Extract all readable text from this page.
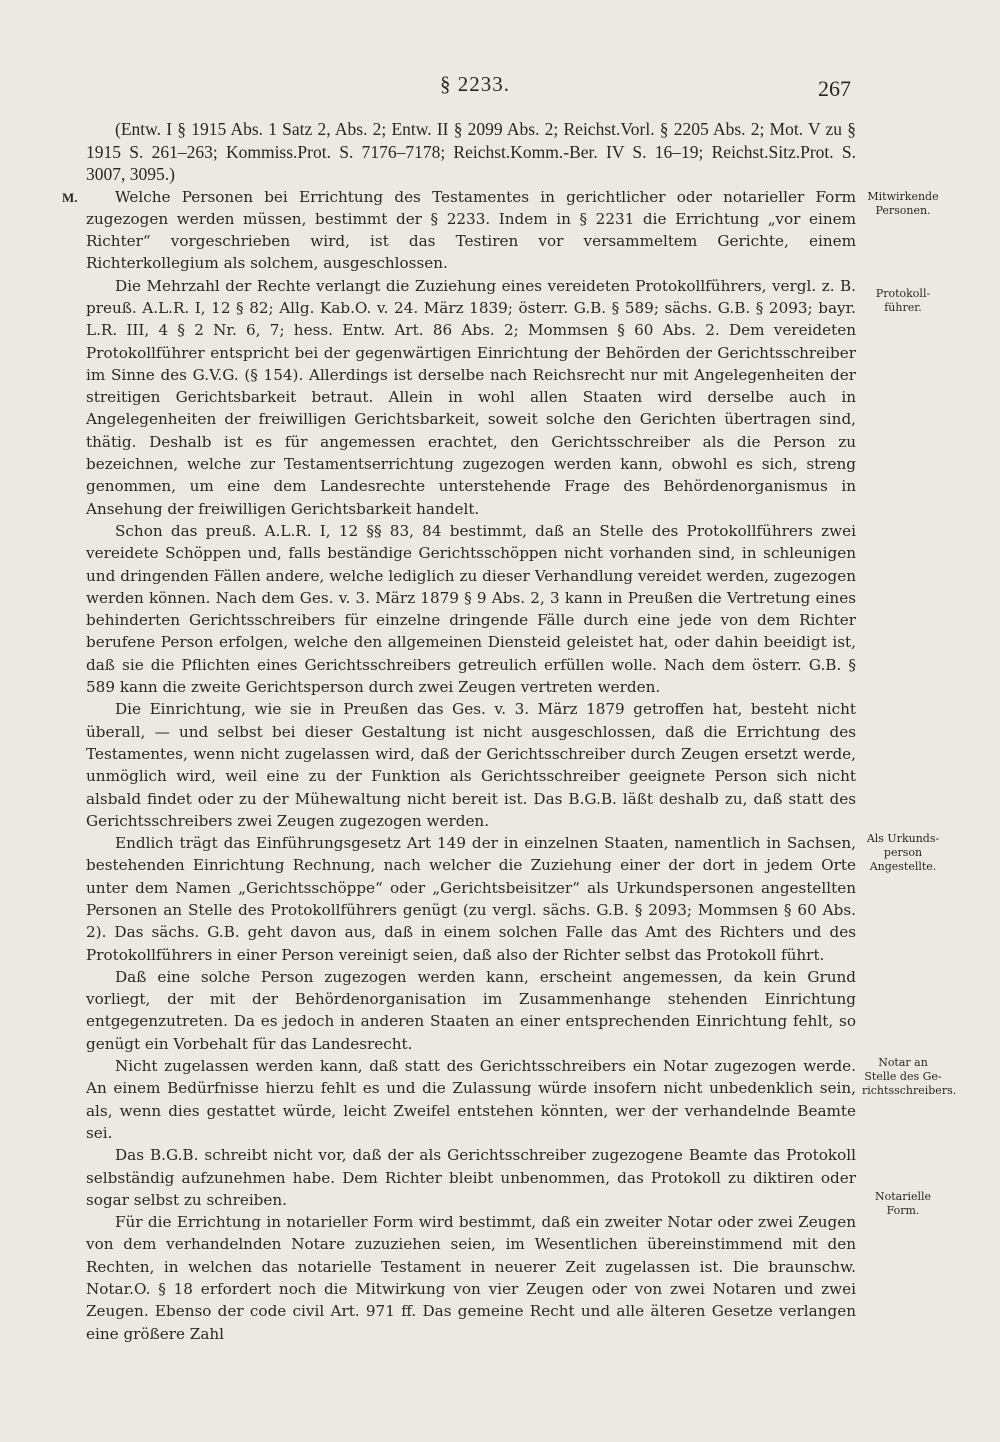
§ 2233.	267
M.

(Entw. I § 1915 Abs. 1 Satz 2, Abs. 2; Entw. II § 2099 Abs. 2; Reichst.Vorl. § 2205 Abs. 2; Mot. V zu § 1915 S. 261–263; Kommiss.Prot. S. 7176–7178; Reichst.Komm.-Ber. IV S. 16–19; Reichst.Sitz.Prot. S. 3007, 3095.)

Welche Personen bei Errichtung des Testamentes in gerichtlicher oder notarieller Form zugezogen werden müssen, bestimmt der § 2233. Indem in § 2231 die Errichtung „vor einem Richter“ vorgeschrieben wird, ist das Testiren vor versammeltem Gerichte, einem Richterkollegium als solchem, ausgeschlossen.

Die Mehrzahl der Rechte verlangt die Zuziehung eines vereideten Protokollführers, vergl. z. B. preuß. A.L.R. I, 12 § 82; Allg. Kab.O. v. 24. März 1839; österr. G.B. § 589; sächs. G.B. § 2093; bayr. L.R. III, 4 § 2 Nr. 6, 7; hess. Entw. Art. 86 Abs. 2; Mommsen § 60 Abs. 2. Dem vereideten Protokollführer entspricht bei der gegenwärtigen Einrichtung der Behörden der Gerichtsschreiber im Sinne des G.V.G. (§ 154). Allerdings ist derselbe nach Reichsrecht nur mit Angelegenheiten der streitigen Gerichtsbarkeit betraut. Allein in wohl allen Staaten wird derselbe auch in Angelegenheiten der freiwilligen Gerichtsbarkeit, soweit solche den Gerichten übertragen sind, thätig. Deshalb ist es für angemessen erachtet, den Gerichtsschreiber als die Person zu bezeichnen, welche zur Testamentserrichtung zugezogen werden kann, obwohl es sich, streng genommen, um eine dem Landesrechte unterstehende Frage des Behördenorganismus in Ansehung der freiwilligen Gerichtsbarkeit handelt.

Schon das preuß. A.L.R. I, 12 §§ 83, 84 bestimmt, daß an Stelle des Protokollführers zwei vereidete Schöppen und, falls beständige Gerichtsschöppen nicht vorhanden sind, in schleunigen und dringenden Fällen andere, welche lediglich zu dieser Verhandlung vereidet werden, zugezogen werden können. Nach dem Ges. v. 3. März 1879 § 9 Abs. 2, 3 kann in Preußen die Vertretung eines behinderten Gerichtsschreibers für einzelne dringende Fälle durch eine jede von dem Richter berufene Person erfolgen, welche den allgemeinen Diensteid geleistet hat, oder dahin beeidigt ist, daß sie die Pflichten eines Gerichtsschreibers getreulich erfüllen wolle. Nach dem österr. G.B. § 589 kann die zweite Gerichtsperson durch zwei Zeugen vertreten werden.

Die Einrichtung, wie sie in Preußen das Ges. v. 3. März 1879 getroffen hat, besteht nicht überall, — und selbst bei dieser Gestaltung ist nicht ausgeschlossen, daß die Errichtung des Testamentes, wenn nicht zugelassen wird, daß der Gerichtsschreiber durch Zeugen ersetzt werde, unmöglich wird, weil eine zu der Funktion als Gerichtsschreiber geeignete Person sich nicht alsbald findet oder zu der Mühewaltung nicht bereit ist. Das B.G.B. läßt deshalb zu, daß statt des Gerichtsschreibers zwei Zeugen zugezogen werden.

Endlich trägt das Einführungsgesetz Art 149 der in einzelnen Staaten, namentlich in Sachsen, bestehenden Einrichtung Rechnung, nach welcher die Zuziehung einer der dort in jedem Orte unter dem Namen „Gerichtsschöppe“ oder „Gerichtsbeisitzer“ als Urkundspersonen angestellten Personen an Stelle des Protokollführers genügt (zu vergl. sächs. G.B. § 2093; Mommsen § 60 Abs. 2). Das sächs. G.B. geht davon aus, daß in einem solchen Falle das Amt des Richters und des Protokollführers in einer Person vereinigt seien, daß also der Richter selbst das Protokoll führt.

Daß eine solche Person zugezogen werden kann, erscheint angemessen, da kein Grund vorliegt, der mit der Behördenorganisation im Zusammenhange stehenden Einrichtung entgegenzutreten. Da es jedoch in anderen Staaten an einer entsprechenden Einrichtung fehlt, so genügt ein Vorbehalt für das Landesrecht.

Nicht zugelassen werden kann, daß statt des Gerichtsschreibers ein Notar zugezogen werde. An einem Bedürfnisse hierzu fehlt es und die Zulassung würde insofern nicht unbedenklich sein, als, wenn dies gestattet würde, leicht Zweifel entstehen könnten, wer der verhandelnde Beamte sei.

Das B.G.B. schreibt nicht vor, daß der als Gerichtsschreiber zugezogene Beamte das Protokoll selbständig aufzunehmen habe. Dem Richter bleibt unbenommen, das Protokoll zu diktiren oder sogar selbst zu schreiben.

Für die Errichtung in notarieller Form wird bestimmt, daß ein zweiter Notar oder zwei Zeugen von dem verhandelnden Notare zuzuziehen seien, im Wesentlichen übereinstimmend mit den Rechten, in welchen das notarielle Testament in neuerer Zeit zugelassen ist. Die braunschw. Notar.O. § 18 erfordert noch die Mitwirkung von vier Zeugen oder von zwei Notaren und zwei Zeugen. Ebenso der code civil Art. 971 ff. Das gemeine Recht und alle älteren Gesetze verlangen eine größere Zahl

Mitwirkende
Personen.
Protokoll-
führer.
Als Urkunds-
person
Angestellte.
Notar an
Stelle des Ge-
richtsschreibers.
Notarielle
Form.
